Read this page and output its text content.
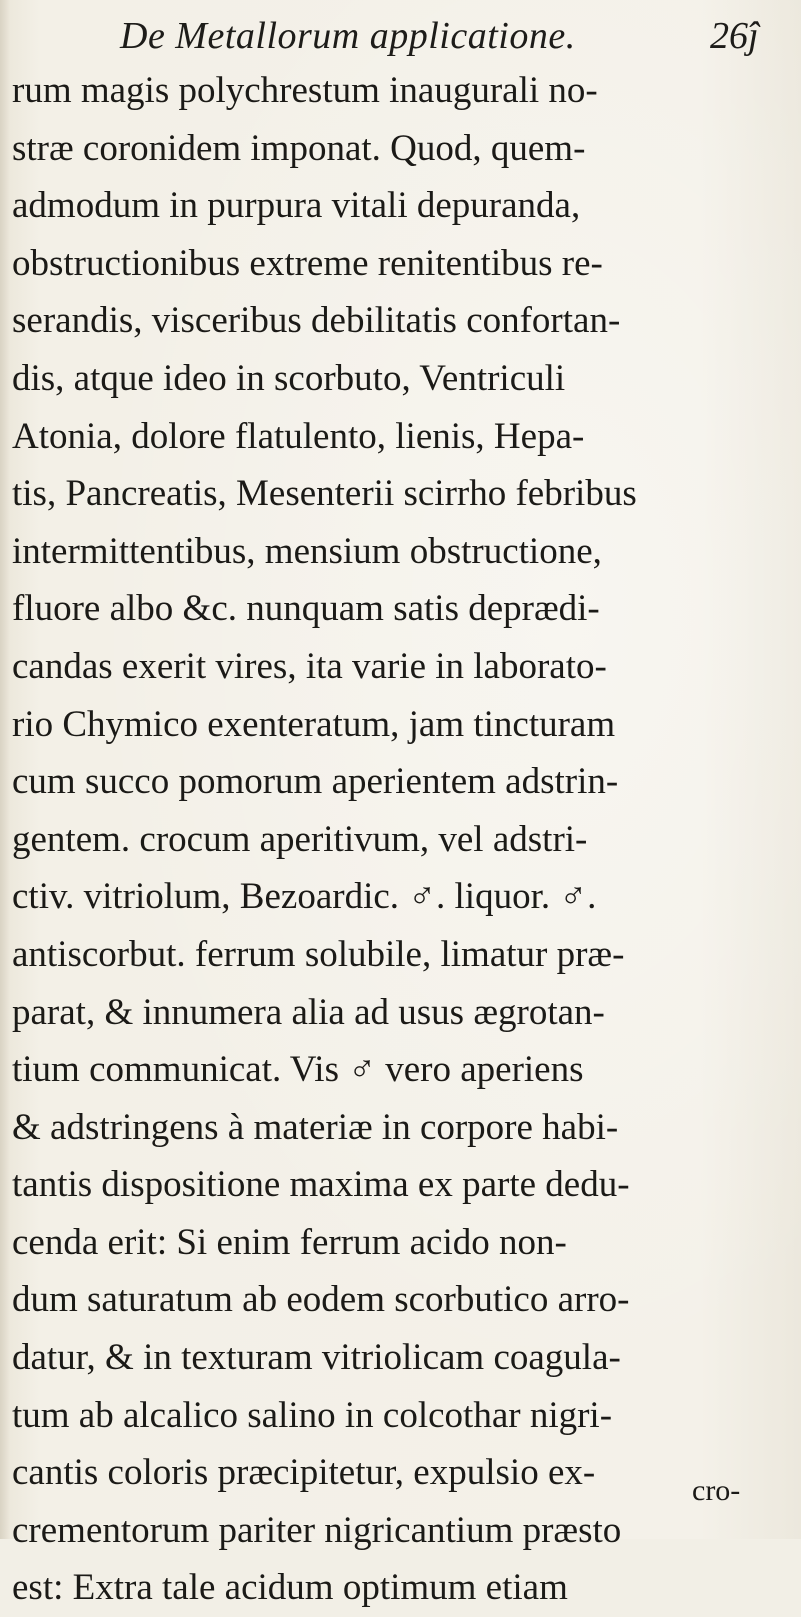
De Metallorum applicatione.	26ĵ
rum magis polychrestum inaugurali no-
stræ coronidem imponat. Quod, quem-
admodum in purpura vitali depuranda,
obstructionibus extreme renitentibus re-
serandis, visceribus debilitatis confortan-
dis, atque ideo in scorbuto, Ventriculi
Atonia, dolore flatulento, lienis, Hepa-
tis, Pancreatis, Mesenterii scirrho febribus
intermittentibus, mensium obstructione,
fluore albo &c. nunquam satis deprædi-
candas exerit vires, ita varie in laborato-
rio Chymico exenteratum, jam tincturam
cum succo pomorum aperientem adstrin-
gentem. crocum aperitivum, vel adstri-
ctiv. vitriolum, Bezoardic. ♂. liquor. ♂.
antiscorbut. ferrum solubile, limatur præ-
parat, & innumera alia ad usus ægrotan-
tium communicat. Vis ♂ vero aperiens
& adstringens à materiæ in corpore habi-
tantis dispositione maxima ex parte dedu-
cenda erit: Si enim ferrum acido non-
dum saturatum ab eodem scorbutico arro-
datur, & in texturam vitriolicam coagula-
tum ab alcalico salino in colcothar nigri-
cantis coloris præcipitetur, expulsio ex-
crementorum pariter nigricantium præsto
est: Extra tale acidum optimum etiam
cro-
